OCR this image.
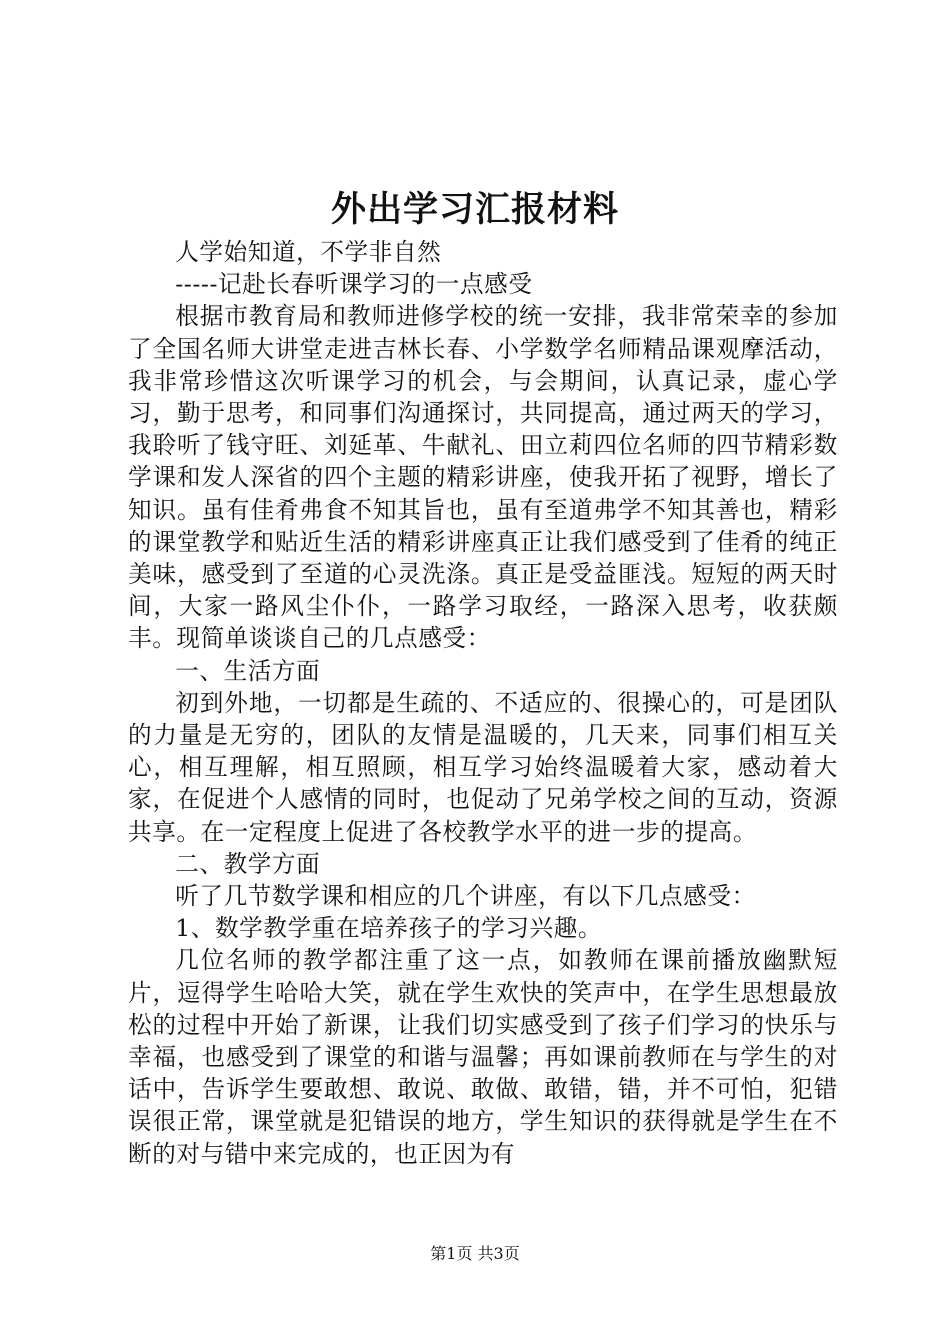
外出学习汇报材料

人学始知道，不学非自然

-----记赴长春听课学习的一点感受

根据市教育局和教师进修学校的统一安排，我非常荣幸的参加了全国名师大讲堂走进吉林长春、小学数学名师精品课观摩活动，我非常珍惜这次听课学习的机会，与会期间，认真记录，虚心学习，勤于思考，和同事们沟通探讨，共同提高，通过两天的学习，我聆听了钱守旺、刘延革、牛献礼、田立莉四位名师的四节精彩数学课和发人深省的四个主题的精彩讲座，使我开拓了视野，增长了知识。虽有佳肴弗食不知其旨也，虽有至道弗学不知其善也，精彩的课堂教学和贴近生活的精彩讲座真正让我们感受到了佳肴的纯正美味，感受到了至道的心灵洗涤。真正是受益匪浅。短短的两天时间，大家一路风尘仆仆，一路学习取经，一路深入思考，收获颇丰。现简单谈谈自己的几点感受：

一、生活方面

初到外地，一切都是生疏的、不适应的、很操心的，可是团队的力量是无穷的，团队的友情是温暖的，几天来，同事们相互关心，相互理解，相互照顾，相互学习始终温暖着大家，感动着大家，在促进个人感情的同时，也促动了兄弟学校之间的互动，资源共享。在一定程度上促进了各校教学水平的进一步的提高。

二、教学方面

听了几节数学课和相应的几个讲座，有以下几点感受：

1、数学教学重在培养孩子的学习兴趣。

几位名师的教学都注重了这一点，如教师在课前播放幽默短片，逗得学生哈哈大笑，就在学生欢快的笑声中，在学生思想最放松的过程中开始了新课，让我们切实感受到了孩子们学习的快乐与幸福，也感受到了课堂的和谐与温馨；再如课前教师在与学生的对话中，告诉学生要敢想、敢说、敢做、敢错，错，并不可怕，犯错误很正常，课堂就是犯错误的地方，学生知识的获得就是学生在不断的对与错中来完成的，也正因为有

第1页 共3页
